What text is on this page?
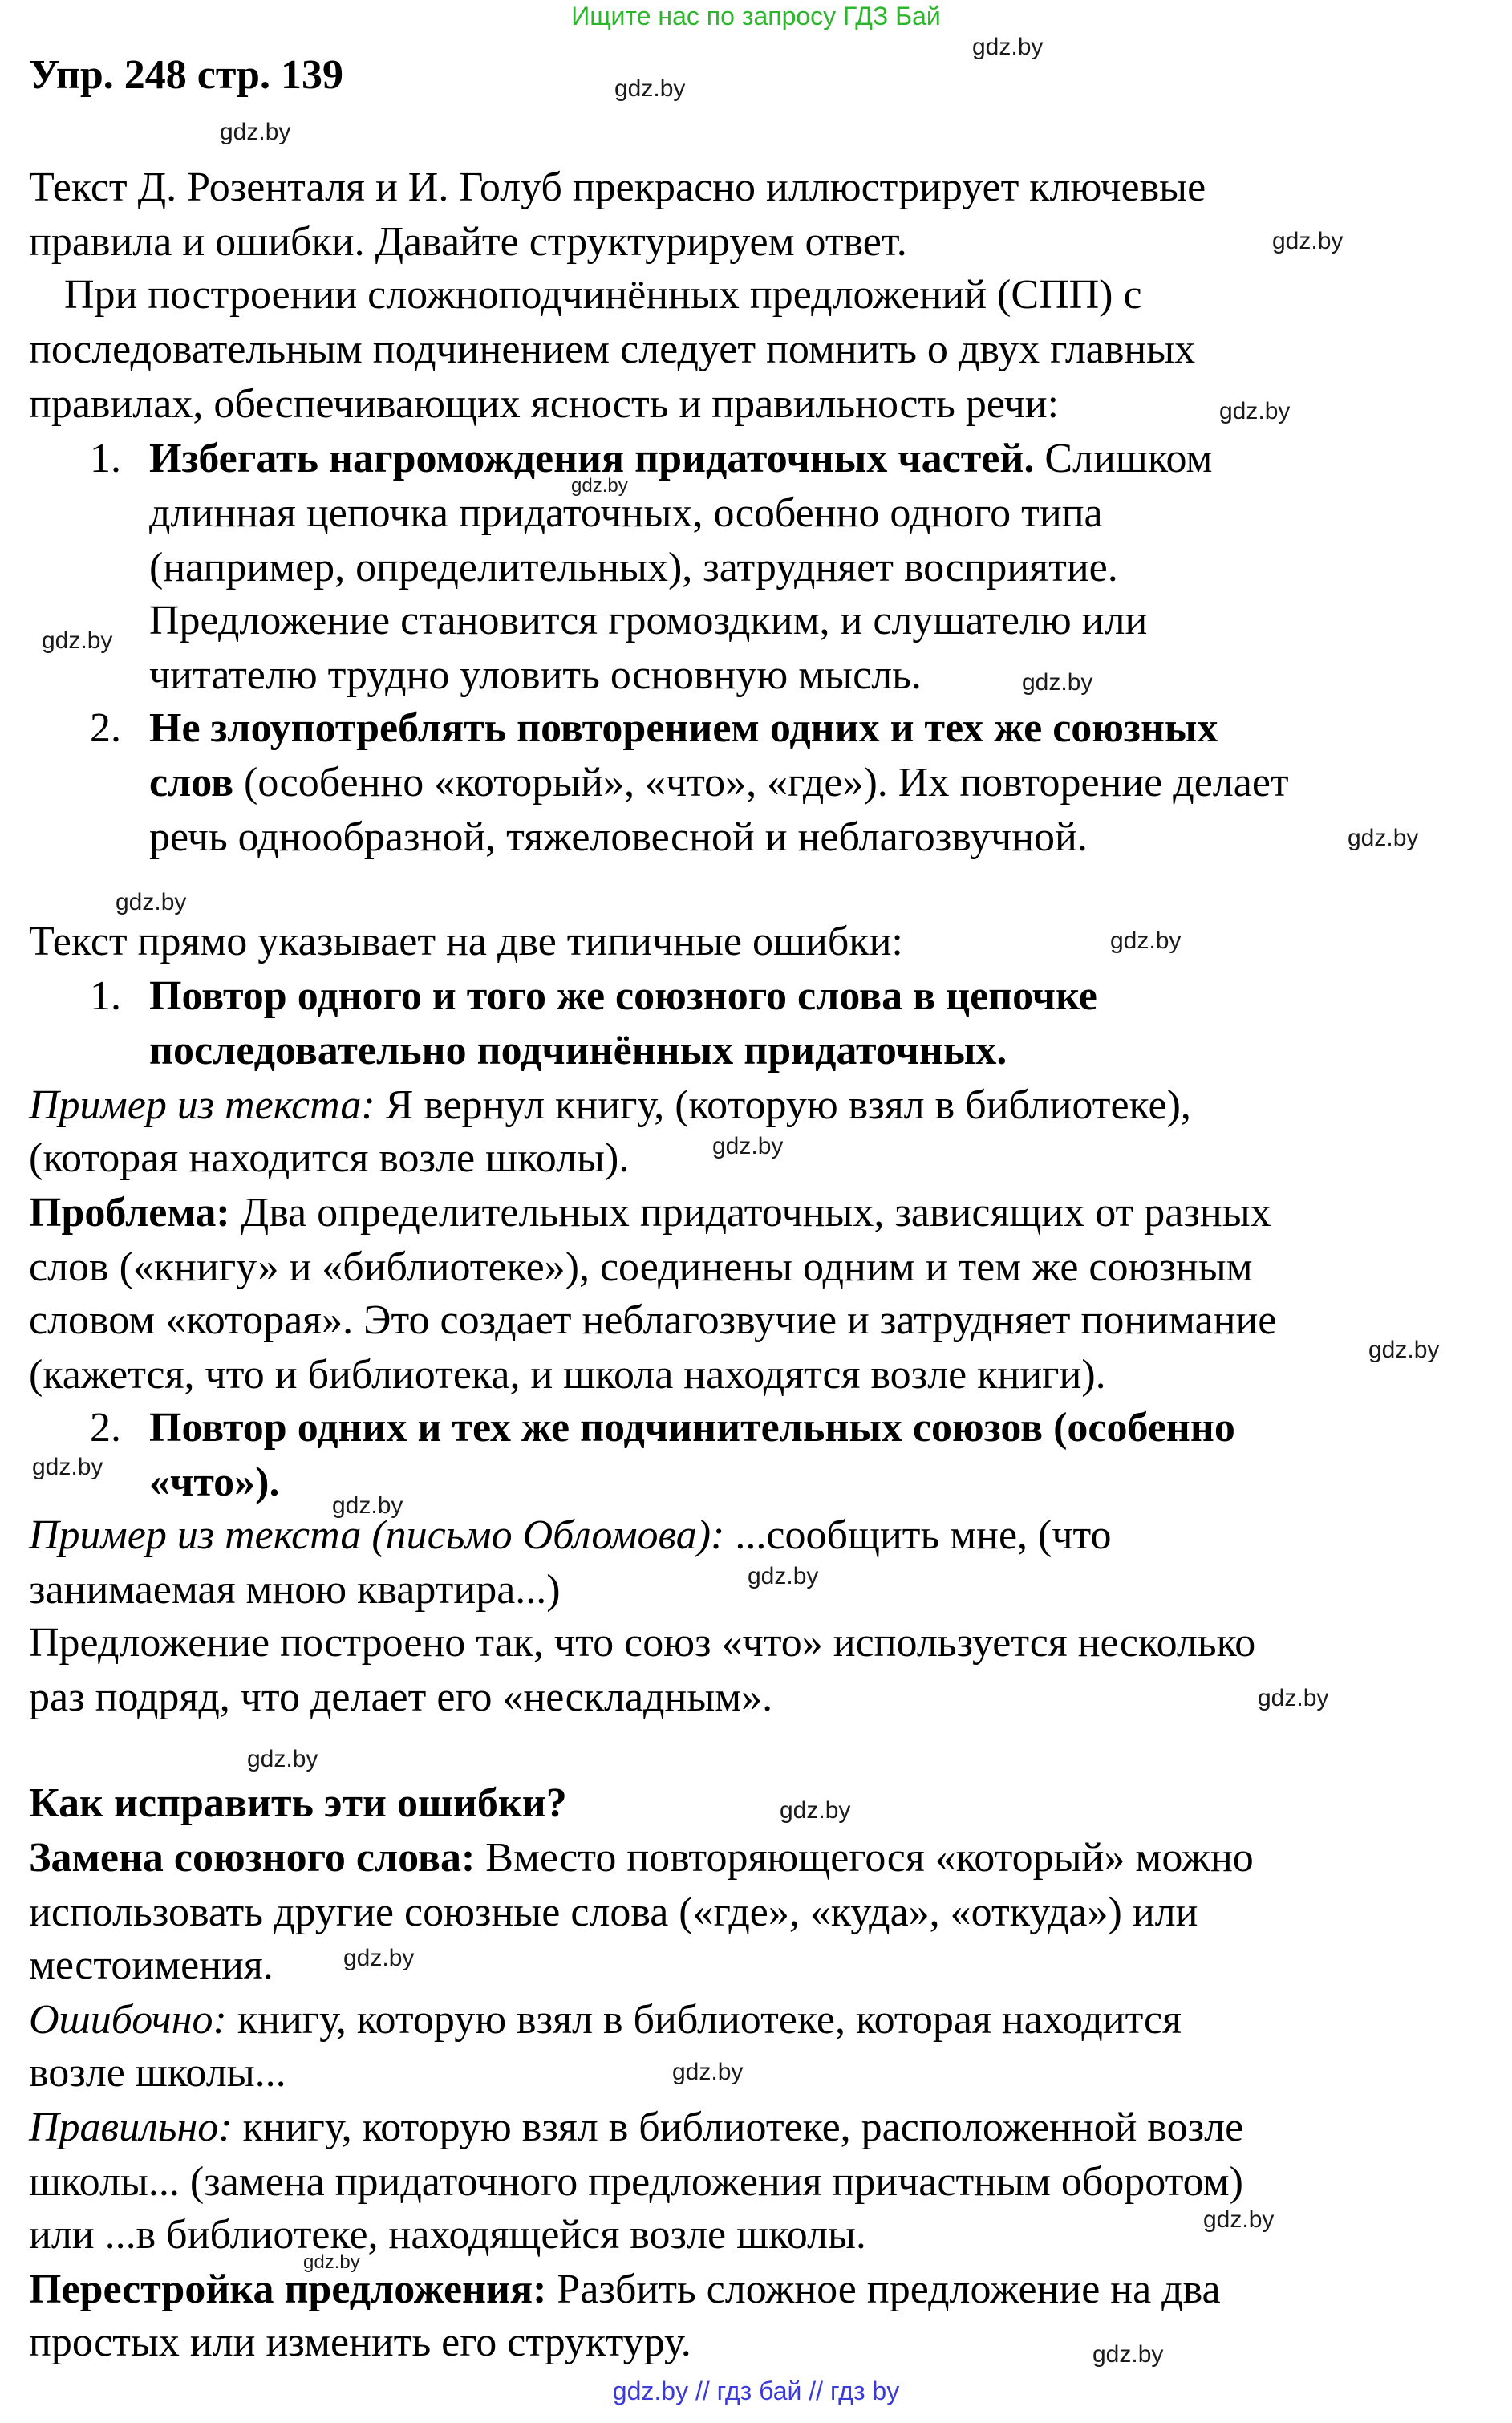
Ищите нас по запросу ГДЗ Бай
Упр. 248 стр. 139
Текст Д. Розенталя и И. Голуб прекрасно иллюстрирует ключевые
правила и ошибки. Давайте структурируем ответ.
При построении сложноподчинённых предложений (СПП) с
последовательным подчинением следует помнить о двух главных
правилах, обеспечивающих ясность и правильность речи:
1. Избегать нагромождения придаточных частей. Слишком
длинная цепочка придаточных, особенно одного типа
(например, определительных), затрудняет восприятие.
Предложение становится громоздким, и слушателю или
читателю трудно уловить основную мысль.
2. Не злоупотреблять повторением одних и тех же союзных
слов (особенно «который», «что», «где»). Их повторение делает
речь однообразной, тяжеловесной и неблагозвучной.
Текст прямо указывает на две типичные ошибки:
1. Повтор одного и того же союзного слова в цепочке
последовательно подчинённых придаточных.
Пример из текста: Я вернул книгу, (которую взял в библиотеке),
(которая находится возле школы).
Проблема: Два определительных придаточных, зависящих от разных
слов («книгу» и «библиотеке»), соединены одним и тем же союзным
словом «которая». Это создает неблагозвучие и затрудняет понимание
(кажется, что и библиотека, и школа находятся возле книги).
2. Повтор одних и тех же подчинительных союзов (особенно
«что»).
Пример из текста (письмо Обломова): ...сообщить мне, (что
занимаемая мною квартира...)
Предложение построено так, что союз «что» используется несколько
раз подряд, что делает его «нескладным».
Как исправить эти ошибки?
Замена союзного слова: Вместо повторяющегося «который» можно
использовать другие союзные слова («где», «куда», «откуда») или
местоимения.
Ошибочно: книгу, которую взял в библиотеке, которая находится
возле школы...
Правильно: книгу, которую взял в библиотеке, расположенной возле
школы... (замена придаточного предложения причастным оборотом)
или ...в библиотеке, находящейся возле школы.
Перестройка предложения: Разбить сложное предложение на два
простых или изменить его структуру.
gdz.by
gdz.by
gdz.by
gdz.by
gdz.by
gdz.by
gdz.by
gdz.by
gdz.by
gdz.by
gdz.by
gdz.by
gdz.by
gdz.by
gdz.by
gdz.by
gdz.by
gdz.by
gdz.by
gdz.by
gdz.by
gdz.by
gdz.by
gdz.by
gdz.by // гдз бай // гдз by
